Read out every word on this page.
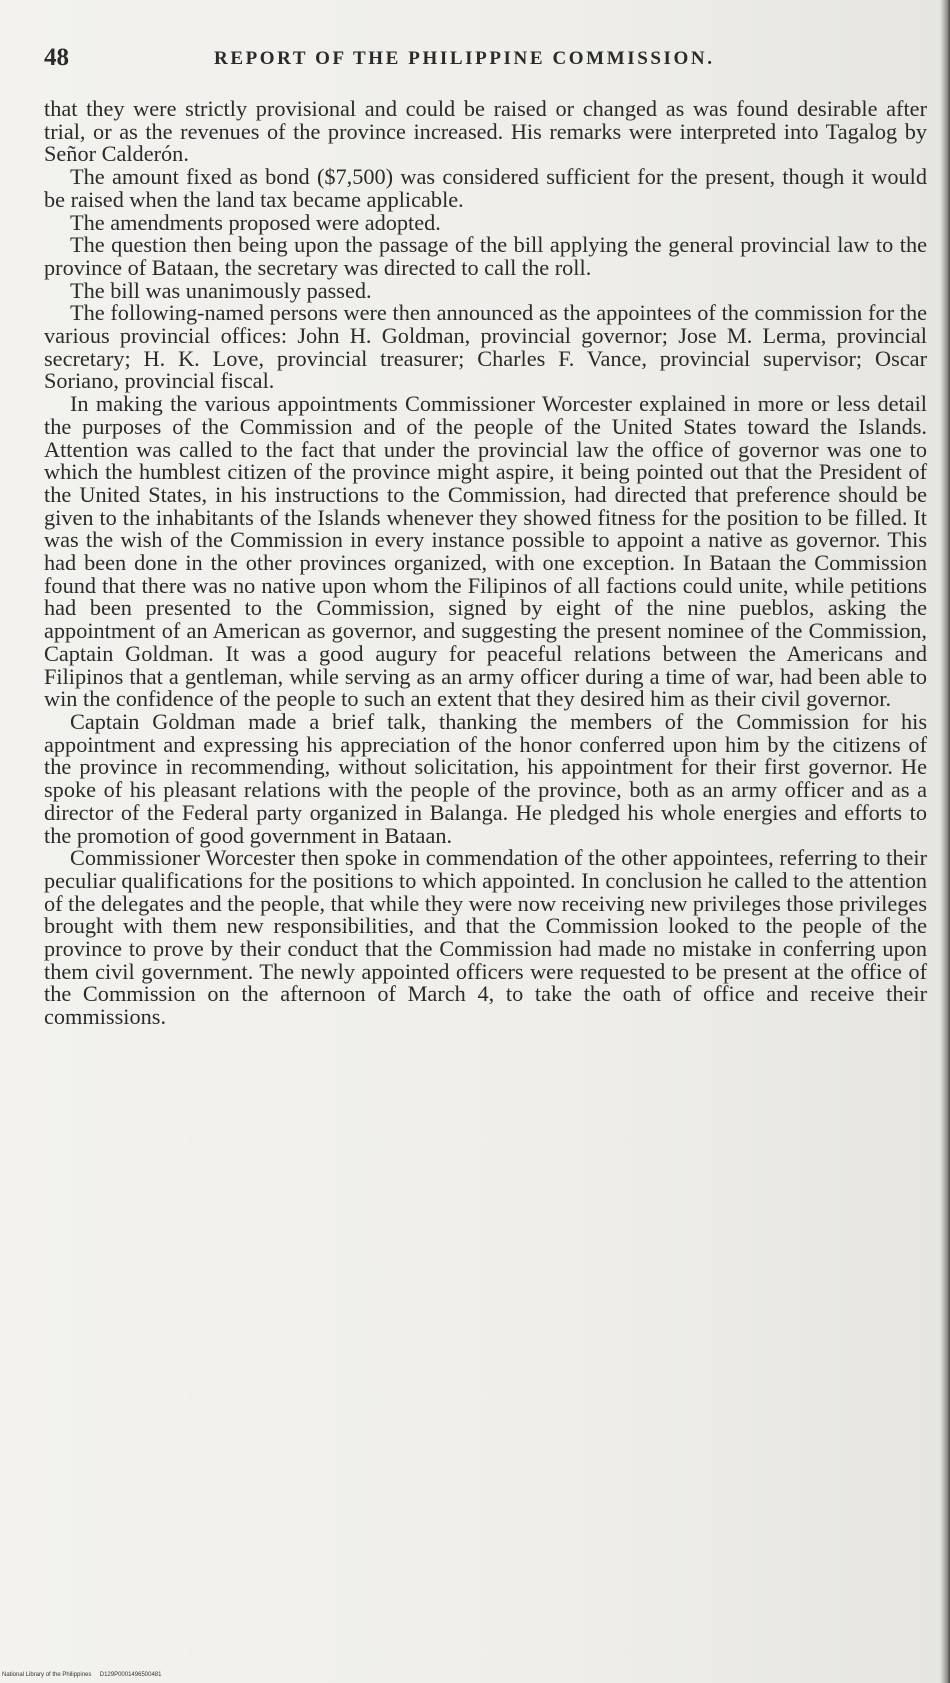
48	REPORT OF THE PHILIPPINE COMMISSION.

that they were strictly provisional and could be raised or changed as was found desirable after trial, or as the revenues of the province increased. His remarks were interpreted into Tagalog by Señor Calderón.

The amount fixed as bond ($7,500) was considered sufficient for the present, though it would be raised when the land tax became applicable.

The amendments proposed were adopted.

The question then being upon the passage of the bill applying the general provincial law to the province of Bataan, the secretary was directed to call the roll.

The bill was unanimously passed.

The following-named persons were then announced as the appointees of the commission for the various provincial offices: John H. Goldman, provincial governor; Jose M. Lerma, provincial secretary; H. K. Love, provincial treasurer; Charles F. Vance, provincial supervisor; Oscar Soriano, provincial fiscal.

In making the various appointments Commissioner Worcester explained in more or less detail the purposes of the Commission and of the people of the United States toward the Islands. Attention was called to the fact that under the provincial law the office of governor was one to which the humblest citizen of the province might aspire, it being pointed out that the President of the United States, in his instructions to the Commission, had directed that preference should be given to the inhabitants of the Islands whenever they showed fitness for the position to be filled. It was the wish of the Commission in every instance possible to appoint a native as governor. This had been done in the other provinces organized, with one exception. In Bataan the Commission found that there was no native upon whom the Filipinos of all factions could unite, while petitions had been presented to the Commission, signed by eight of the nine pueblos, asking the appointment of an American as governor, and suggesting the present nominee of the Commission, Captain Goldman. It was a good augury for peaceful relations between the Americans and Filipinos that a gentleman, while serving as an army officer during a time of war, had been able to win the confidence of the people to such an extent that they desired him as their civil governor.

Captain Goldman made a brief talk, thanking the members of the Commission for his appointment and expressing his appreciation of the honor conferred upon him by the citizens of the province in recommending, without solicitation, his appointment for their first governor. He spoke of his pleasant relations with the people of the province, both as an army officer and as a director of the Federal party organized in Balanga. He pledged his whole energies and efforts to the promotion of good government in Bataan.

Commissioner Worcester then spoke in commendation of the other appointees, referring to their peculiar qualifications for the positions to which appointed. In conclusion he called to the attention of the delegates and the people, that while they were now receiving new privileges those privileges brought with them new responsibilities, and that the Commission looked to the people of the province to prove by their conduct that the Commission had made no mistake in conferring upon them civil government. The newly appointed officers were requested to be present at the office of the Commission on the afternoon of March 4, to take the oath of office and receive their commissions.

National Library of the Philippines D129P0001496500481
